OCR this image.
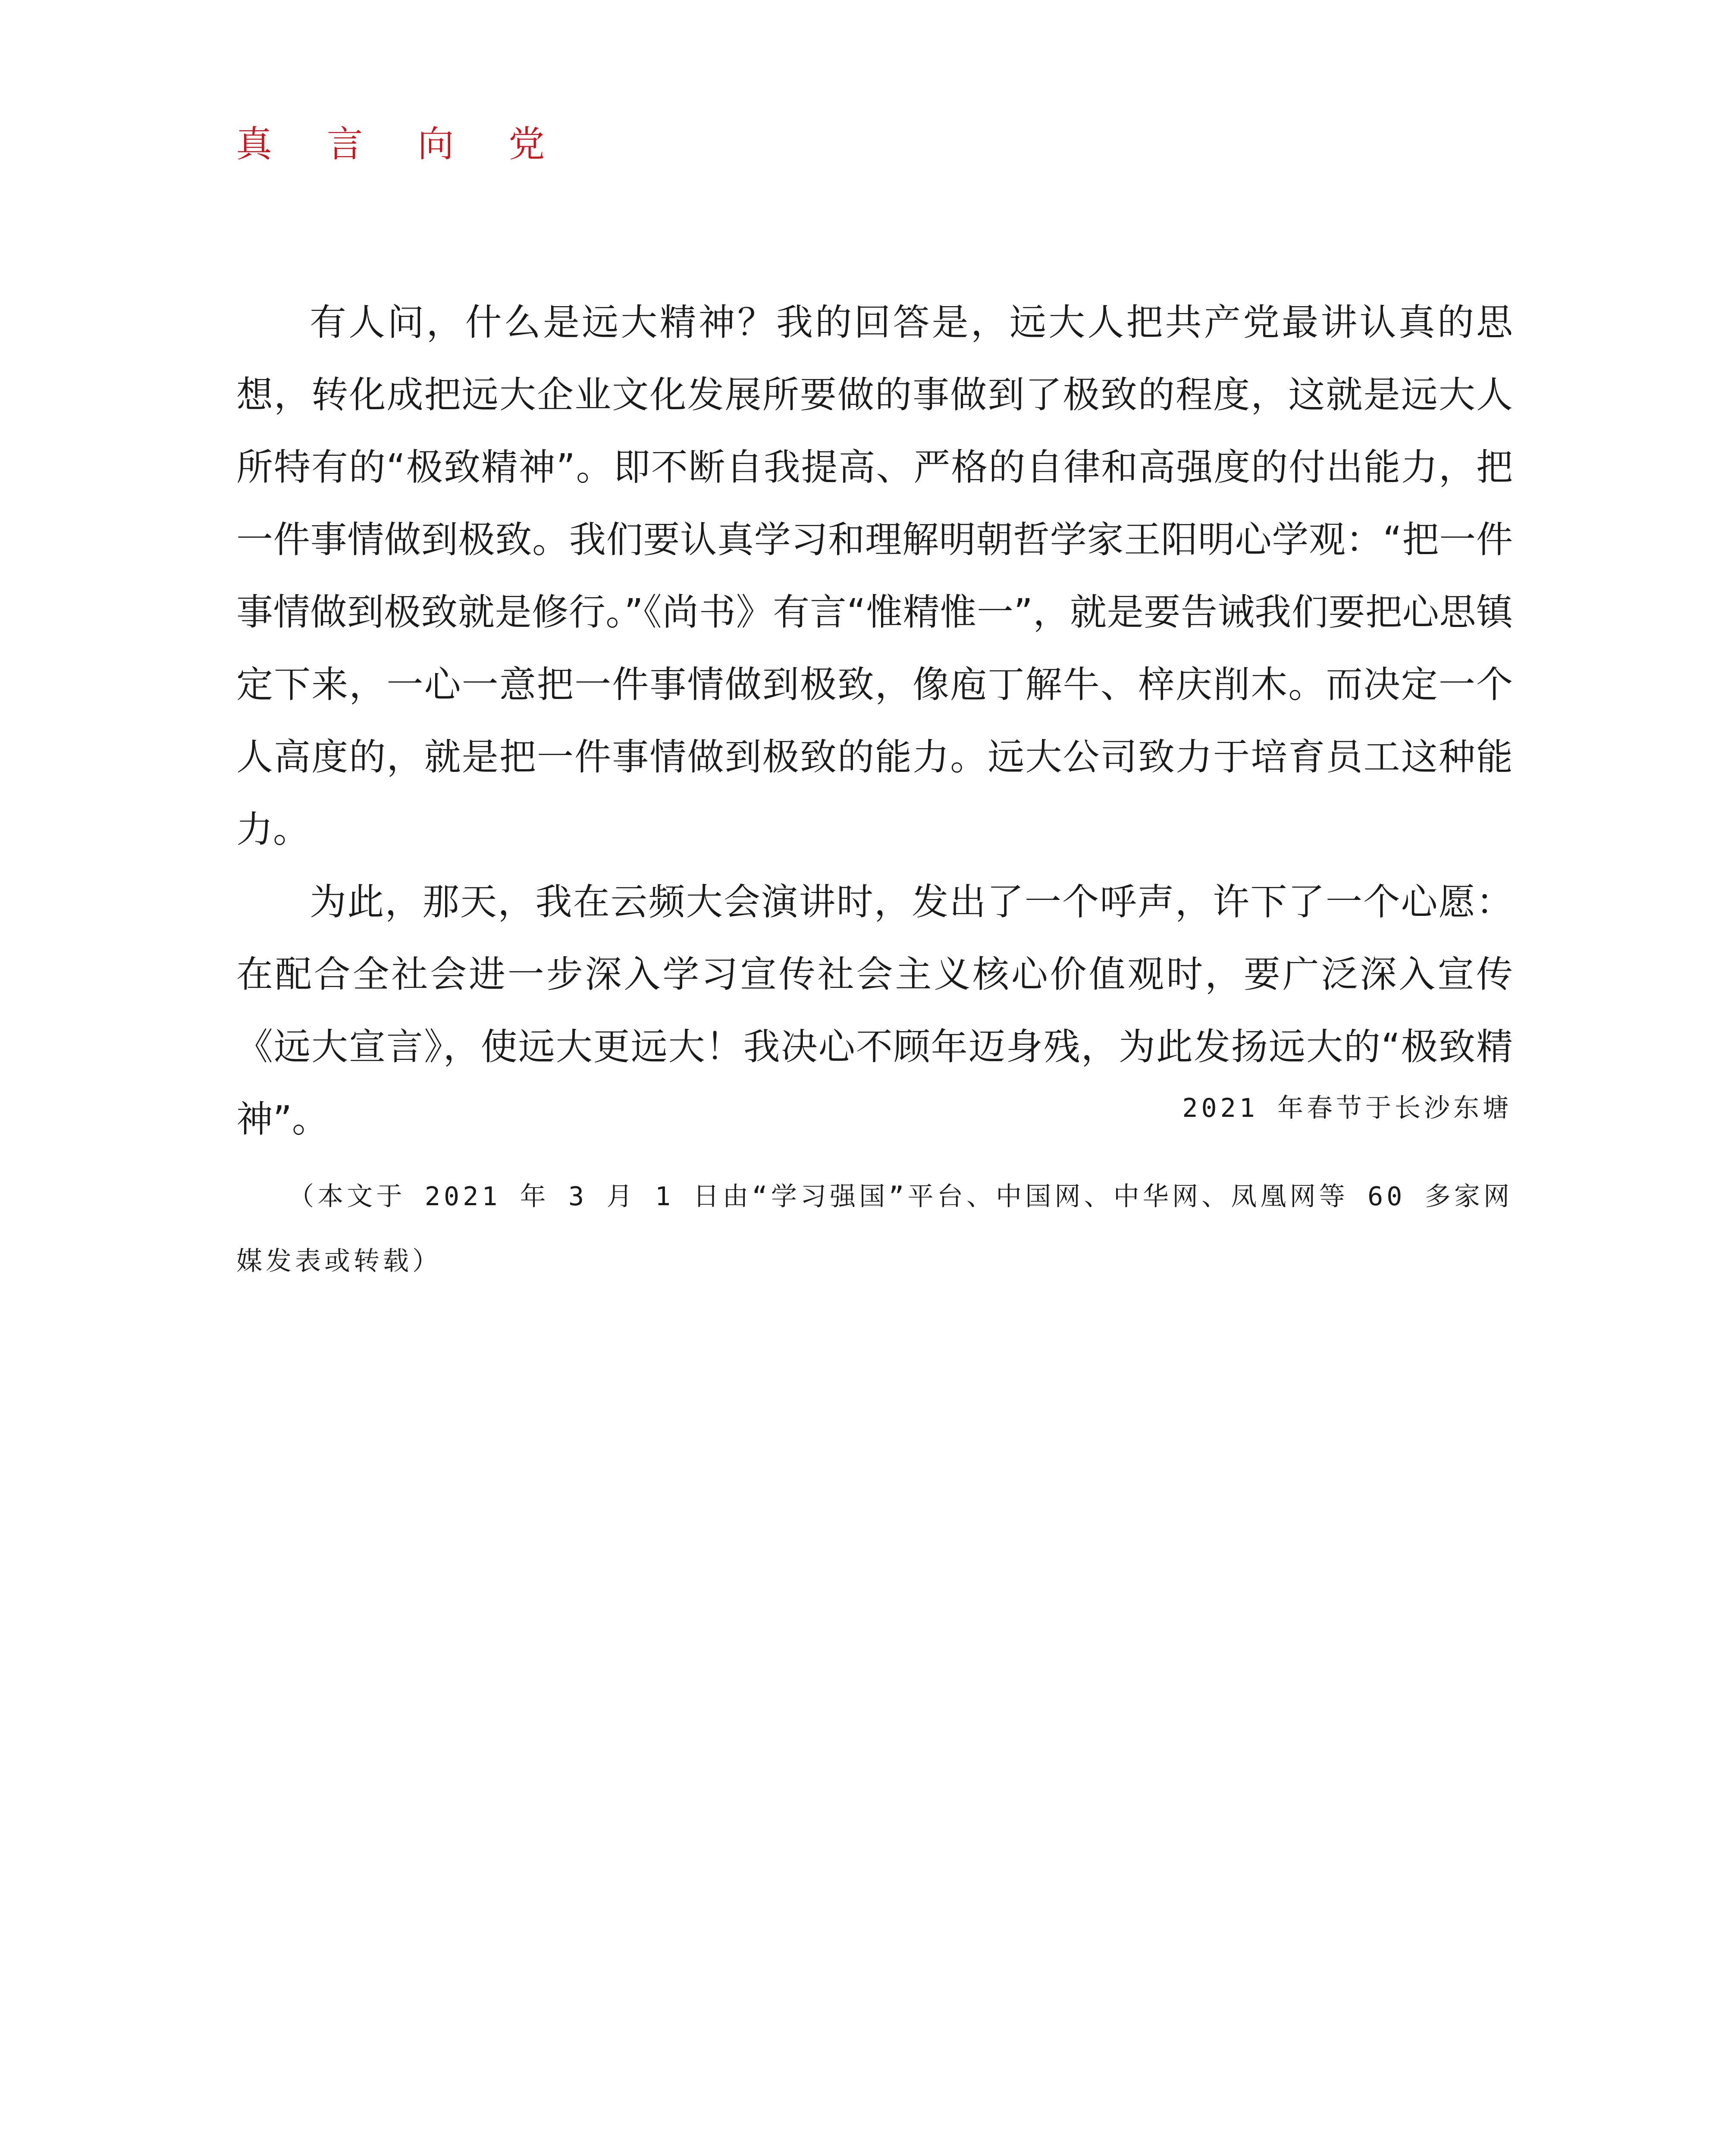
真 言 向 党

有人问，什么是远大精神？我的回答是，远大人把共产党最讲认真的思想，转化成把远大企业文化发展所要做的事做到了极致的程度，这就是远大人所特有的“极致精神”。即不断自我提高、严格的自律和高强度的付出能力，把一件事情做到极致。我们要认真学习和理解明朝哲学家王阳明心学观：“把一件事情做到极致就是修行。”《尚书》有言“惟精惟一”，就是要告诫我们要把心思镇定下来，一心一意把一件事情做到极致，像庖丁解牛、梓庆削木。而决定一个人高度的，就是把一件事情做到极致的能力。远大公司致力于培育员工这种能力。

为此，那天，我在云频大会演讲时，发出了一个呼声，许下了一个心愿：在配合全社会进一步深入学习宣传社会主义核心价值观时，要广泛深入宣传《远大宣言》，使远大更远大！我决心不顾年迈身残，为此发扬远大的“极致精神”。	2021 年春节于长沙东塘
（本文于 2021 年 3 月 1 日由“学习强国”平台、中国网、中华网、凤凰网等 60 多家网媒发表或转载）
